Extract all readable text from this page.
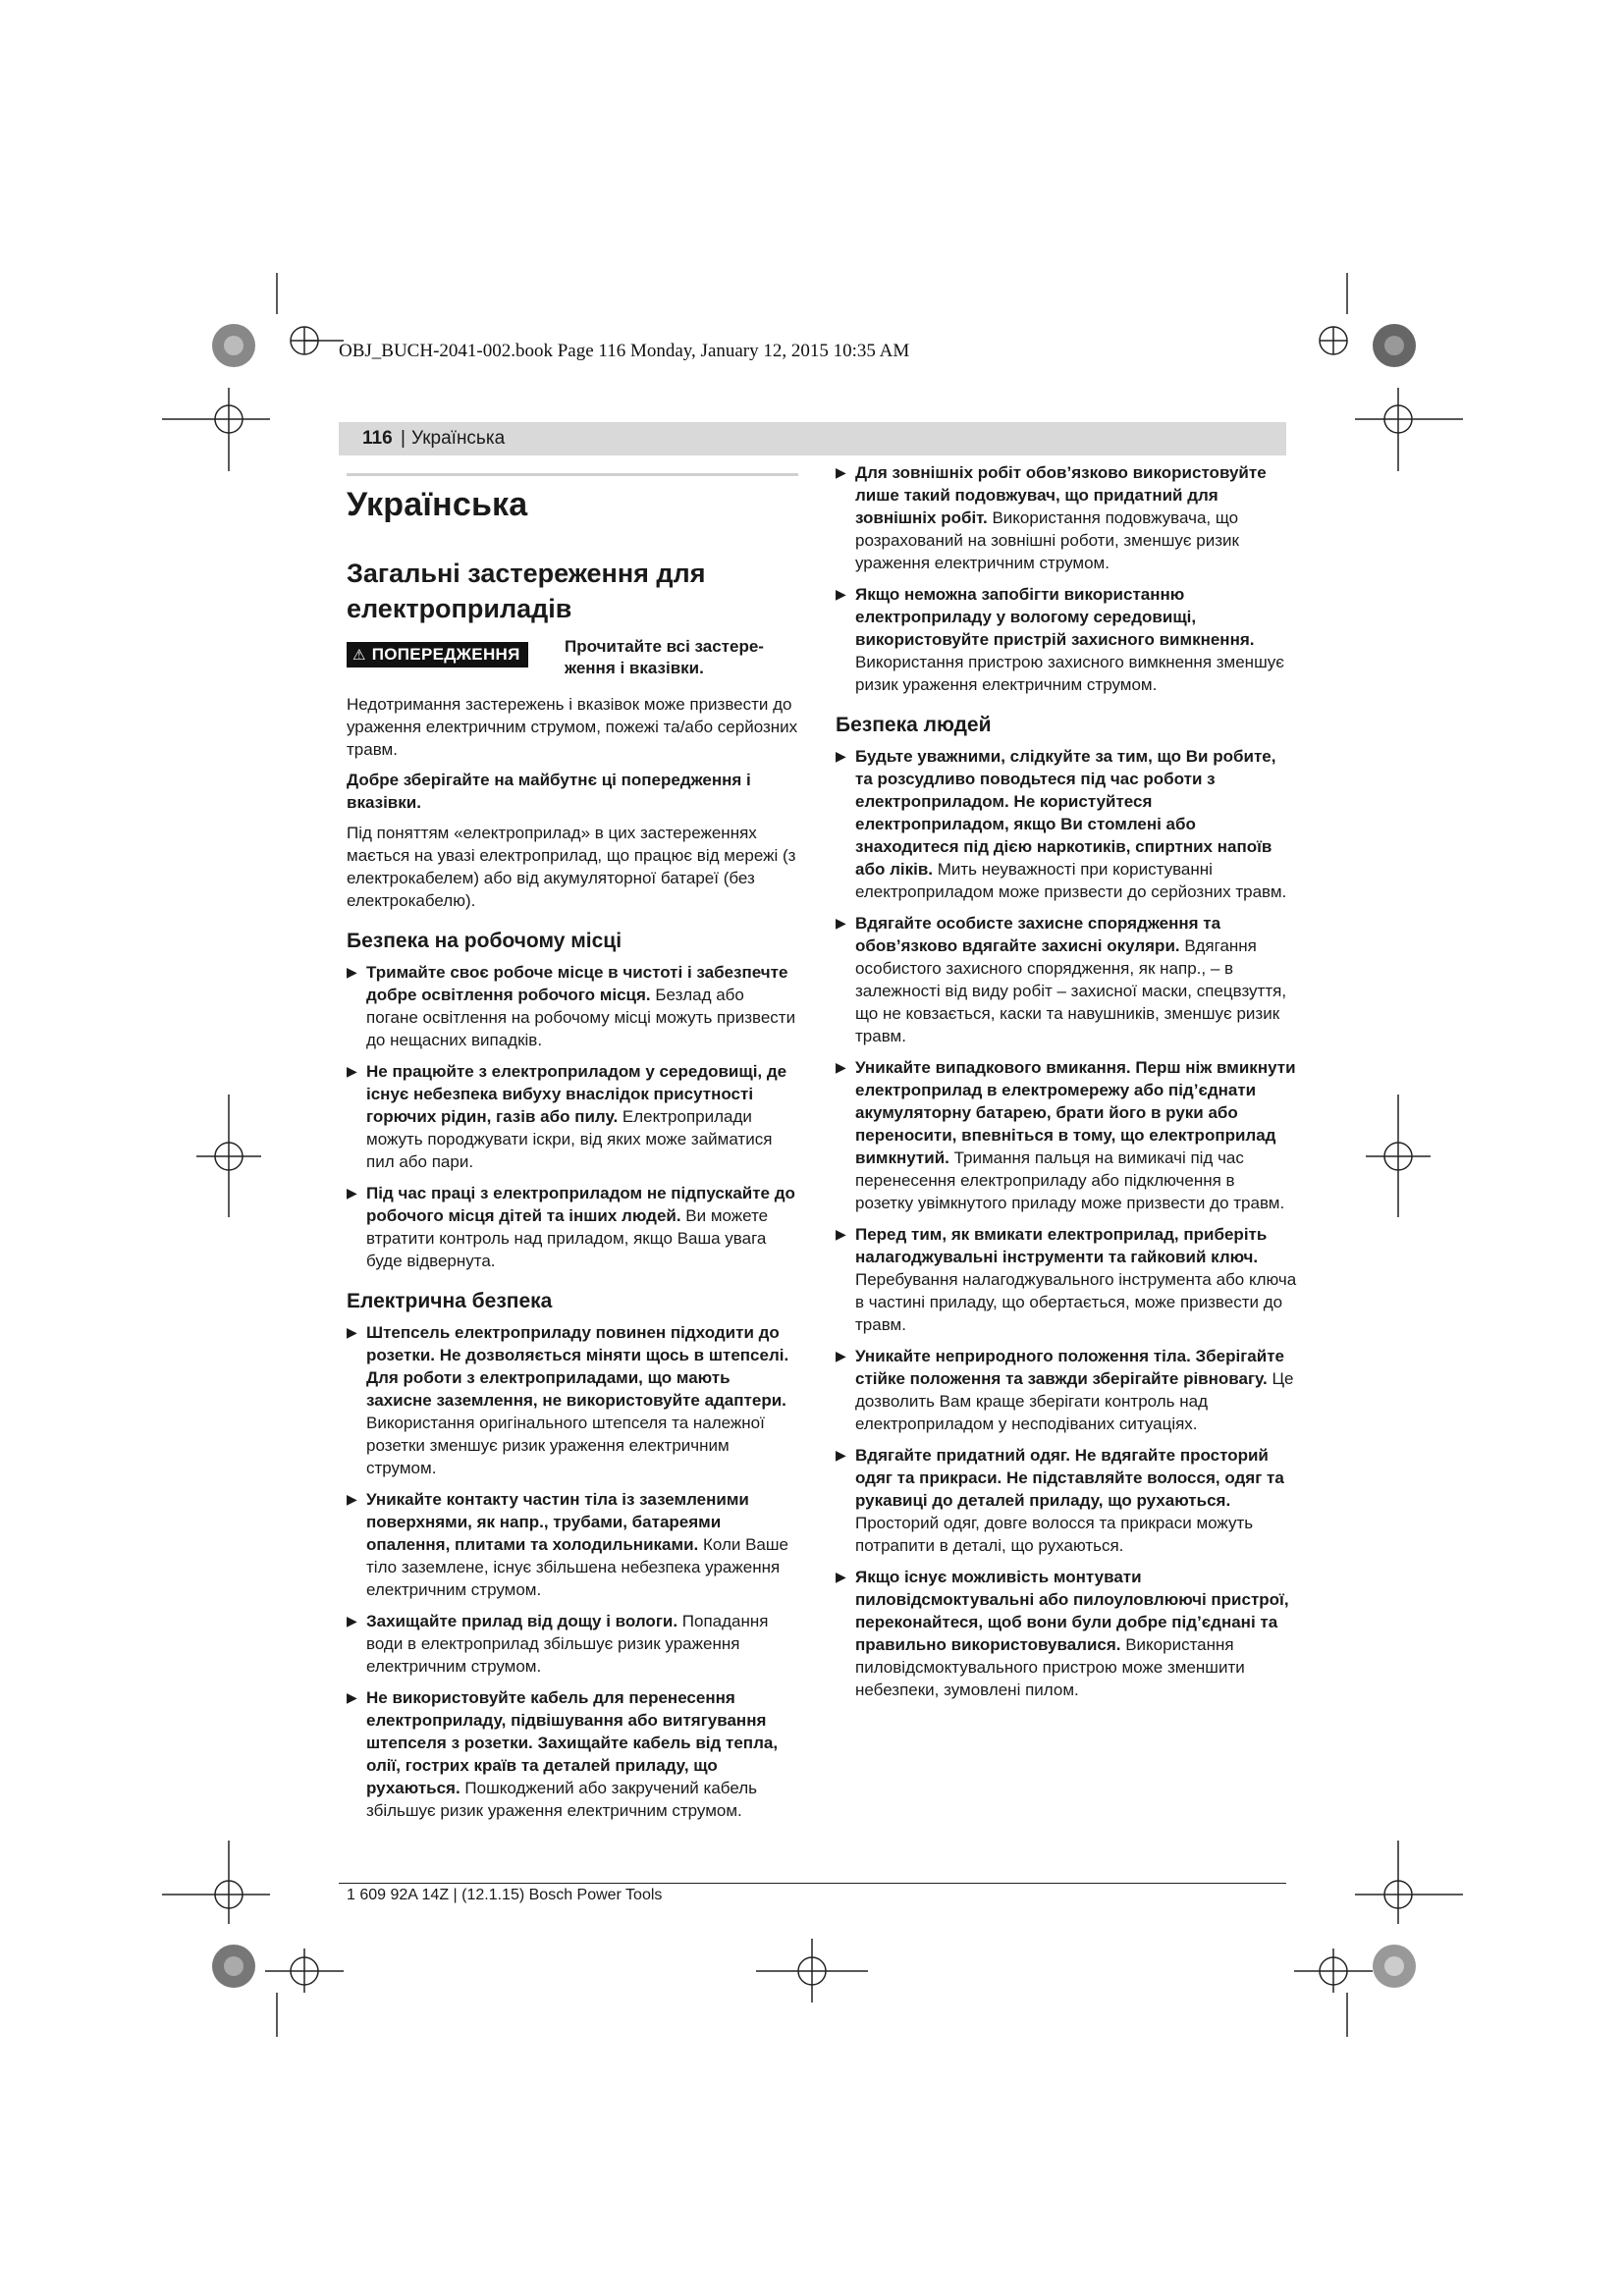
OBJ_BUCH-2041-002.book Page 116 Monday, January 12, 2015 10:35 AM
116 | Українська
Українська
Загальні застереження для електроприладів
⚠ ПОПЕРЕДЖЕННЯ	Прочитайте всі застере-ження і вказівки.

Недотримання застережень і вказівок може призвести до ураження електричним струмом, пожежі та/або серйозних травм.

Добре зберігайте на майбутнє ці попередження і вказівки.

Під поняттям «електроприлад» в цих застереженнях мається на увазі електроприлад, що працює від мережі (з електрокабелем) або від акумуляторної батареї (без електрокабелю).

Безпека на робочому місці
▶ Тримайте своє робоче місце в чистоті і забезпечте добре освітлення робочого місця. Безлад або погане освітлення на робочому місці можуть призвести до нещасних випадків.
▶ Не працюйте з електроприладом у середовищі, де існує небезпека вибуху внаслідок присутності горючих рідин, газів або пилу. Електроприлади можуть породжувати іскри, від яких може займатися пил або пари.
▶ Під час праці з електроприладом не підпускайте до робочого місця дітей та інших людей. Ви можете втратити контроль над приладом, якщо Ваша увага буде відвернута.
Електрична безпека
▶ Штепсель електроприладу повинен підходити до розетки. Не дозволяється міняти щось в штепселі. Для роботи з електроприладами, що мають захисне заземлення, не використовуйте адаптери. Використання оригінального штепселя та належної розетки зменшує ризик ураження електричним струмом.
▶ Уникайте контакту частин тіла із заземленими поверхнями, як напр., трубами, батареями опалення, плитами та холодильниками. Коли Ваше тіло заземлене, існує збільшена небезпека ураження електричним струмом.
▶ Захищайте прилад від дощу і вологи. Попадання води в електроприлад збільшує ризик ураження електричним струмом.
▶ Не використовуйте кабель для перенесення електроприладу, підвішування або витягування штепселя з розетки. Захищайте кабель від тепла, олії, гострих країв та деталей приладу, що рухаються. Пошкоджений або закручений кабель збільшує ризик ураження електричним струмом.
▶ Для зовнішніх робіт обов’язково використовуйте лише такий подовжувач, що придатний для зовнішніх робіт. Використання подовжувача, що розрахований на зовнішні роботи, зменшує ризик ураження електричним струмом.
▶ Якщо неможна запобігти використанню електроприладу у вологому середовищі, використовуйте пристрій захисного вимкнення. Використання пристрою захисного вимкнення зменшує ризик ураження електричним струмом.
Безпека людей
▶ Будьте уважними, слідкуйте за тим, що Ви робите, та розсудливо поводьтеся під час роботи з електроприладом. Не користуйтеся електроприладом, якщо Ви стомлені або знаходитеся під дією наркотиків, спиртних напоїв або ліків. Мить неуважності при користуванні електроприладом може призвести до серйозних травм.
▶ Вдягайте особисте захисне спорядження та обов’язково вдягайте захисні окуляри. Вдягання особистого захисного спорядження, як напр., – в залежності від виду робіт – захисної маски, спецвзуття, що не ковзається, каски та навушників, зменшує ризик травм.
▶ Уникайте випадкового вмикання. Перш ніж вмикнути електроприлад в електромережу або під’єднати акумуляторну батарею, брати його в руки або переносити, впевніться в тому, що електроприлад вимкнутий. Тримання пальця на вимикачі під час перенесення електроприладу або підключення в розетку увімкнутого приладу може призвести до травм.
▶ Перед тим, як вмикати електроприлад, приберіть налагоджувальні інструменти та гайковий ключ. Перебування налагоджувального інструмента або ключа в частині приладу, що обертається, може призвести до травм.
▶ Уникайте неприродного положення тіла. Зберігайте стійке положення та завжди зберігайте рівновагу. Це дозволить Вам краще зберігати контроль над електроприладом у несподіваних ситуаціях.
▶ Вдягайте придатний одяг. Не вдягайте просторий одяг та прикраси. Не підставляйте волосся, одяг та рукавиці до деталей приладу, що рухаються. Просторий одяг, довге волосся та прикраси можуть потрапити в деталі, що рухаються.
▶ Якщо існує можливість монтувати пиловідсмоктувальні або пилоуловлюючі пристрої, переконайтеся, щоб вони були добре під’єднані та правильно використовувалися. Використання пиловідсмоктувального пристрою може зменшити небезпеки, зумовлені пилом.
1 609 92A 14Z | (12.1.15) Bosch Power Tools
